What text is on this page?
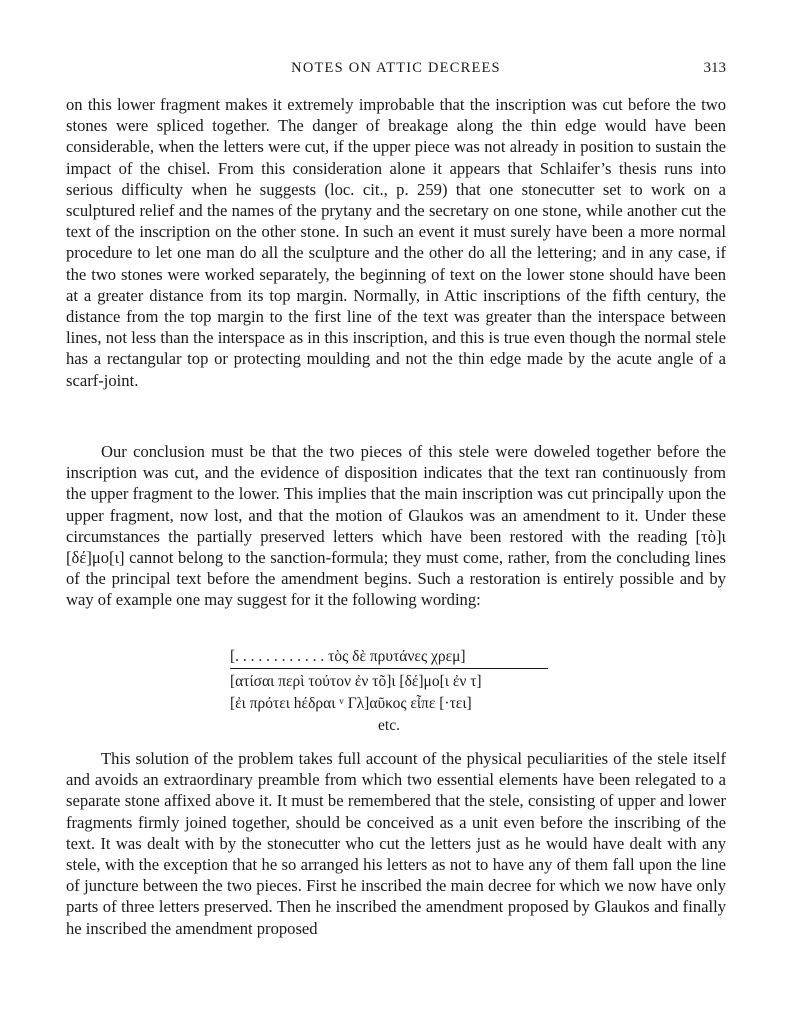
NOTES ON ATTIC DECREES	313

on this lower fragment makes it extremely improbable that the inscription was cut before the two stones were spliced together. The danger of breakage along the thin edge would have been considerable, when the letters were cut, if the upper piece was not already in position to sustain the impact of the chisel. From this consideration alone it appears that Schlaifer’s thesis runs into serious difficulty when he suggests (loc. cit., p. 259) that one stonecutter set to work on a sculptured relief and the names of the prytany and the secretary on one stone, while another cut the text of the inscription on the other stone. In such an event it must surely have been a more normal procedure to let one man do all the sculpture and the other do all the lettering; and in any case, if the two stones were worked separately, the beginning of text on the lower stone should have been at a greater distance from its top margin. Normally, in Attic inscriptions of the fifth century, the distance from the top margin to the first line of the text was greater than the interspace between lines, not less than the interspace as in this inscription, and this is true even though the normal stele has a rectangular top or protecting moulding and not the thin edge made by the acute angle of a scarf-joint.

Our conclusion must be that the two pieces of this stele were doweled together before the inscription was cut, and the evidence of disposition indicates that the text ran continuously from the upper fragment to the lower. This implies that the main inscription was cut principally upon the upper fragment, now lost, and that the motion of Glaukos was an amendment to it. Under these circumstances the partially preserved letters which have been restored with the reading [τὸ]ι [δέ]μο[ι] cannot belong to the sanction-formula; they must come, rather, from the concluding lines of the principal text before the amendment begins. Such a restoration is entirely possible and by way of example one may suggest for it the following wording:

[. . . . . . . . . . . . τὸς δὲ πρυτάνες χρεμ]
[ατίσαι περὶ τούτον ἐν τõ]ι [δέ]μο[ι ἐν τ]
[ἐι πρότει hέδραι ᵛ Γλ]αῦκος εἶπε [·τει]
etc.

This solution of the problem takes full account of the physical peculiarities of the stele itself and avoids an extraordinary preamble from which two essential elements have been relegated to a separate stone affixed above it. It must be remembered that the stele, consisting of upper and lower fragments firmly joined together, should be conceived as a unit even before the inscribing of the text. It was dealt with by the stonecutter who cut the letters just as he would have dealt with any stele, with the exception that he so arranged his letters as not to have any of them fall upon the line of juncture between the two pieces. First he inscribed the main decree for which we now have only parts of three letters preserved. Then he inscribed the amendment proposed by Glaukos and finally he inscribed the amendment proposed
